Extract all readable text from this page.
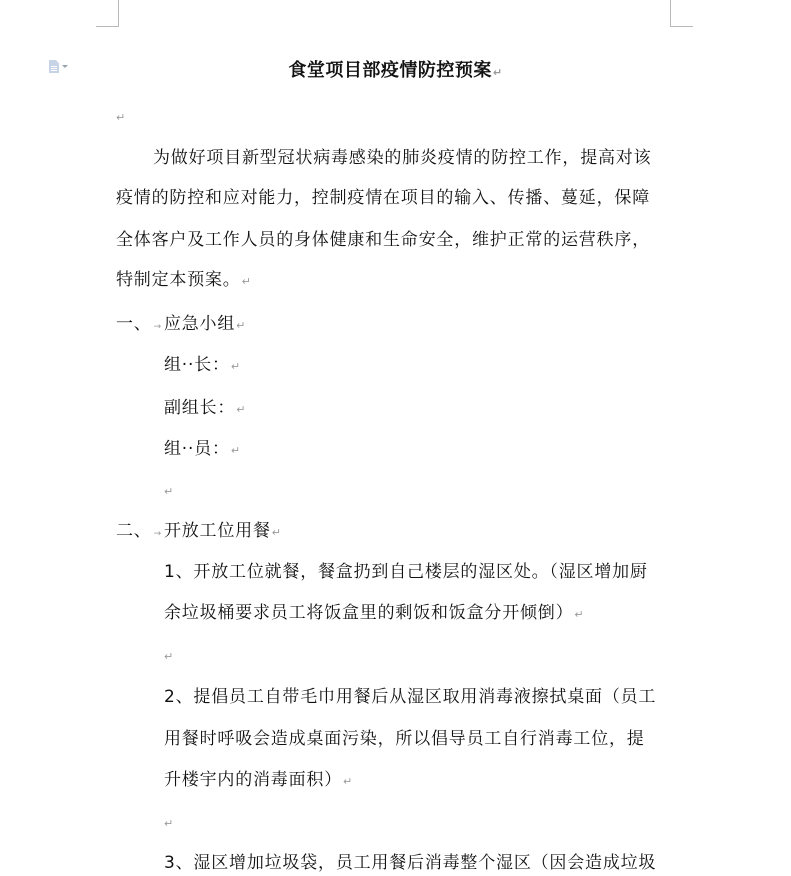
食堂项目部疫情防控预案↵
↵
为做好项目新型冠状病毒感染的肺炎疫情的防控工作，提高对该
疫情的防控和应对能力，控制疫情在项目的输入、传播、蔓延，保障
全体客户及工作人员的身体健康和生命安全，维护正常的运营秩序，
特制定本预案。↵
一、 → 应急小组↵
组··长：↵
副组长：↵
组··员：↵
↵
二、 → 开放工位用餐↵
1、开放工位就餐，餐盒扔到自己楼层的湿区处。（湿区增加厨
余垃圾桶要求员工将饭盒里的剩饭和饭盒分开倾倒）↵
↵
2、提倡员工自带毛巾用餐后从湿区取用消毒液擦拭桌面（员工
用餐时呼吸会造成桌面污染，所以倡导员工自行消毒工位，提
升楼宇内的消毒面积）↵
↵
3、湿区增加垃圾袋，员工用餐后消毒整个湿区（因会造成垃圾
